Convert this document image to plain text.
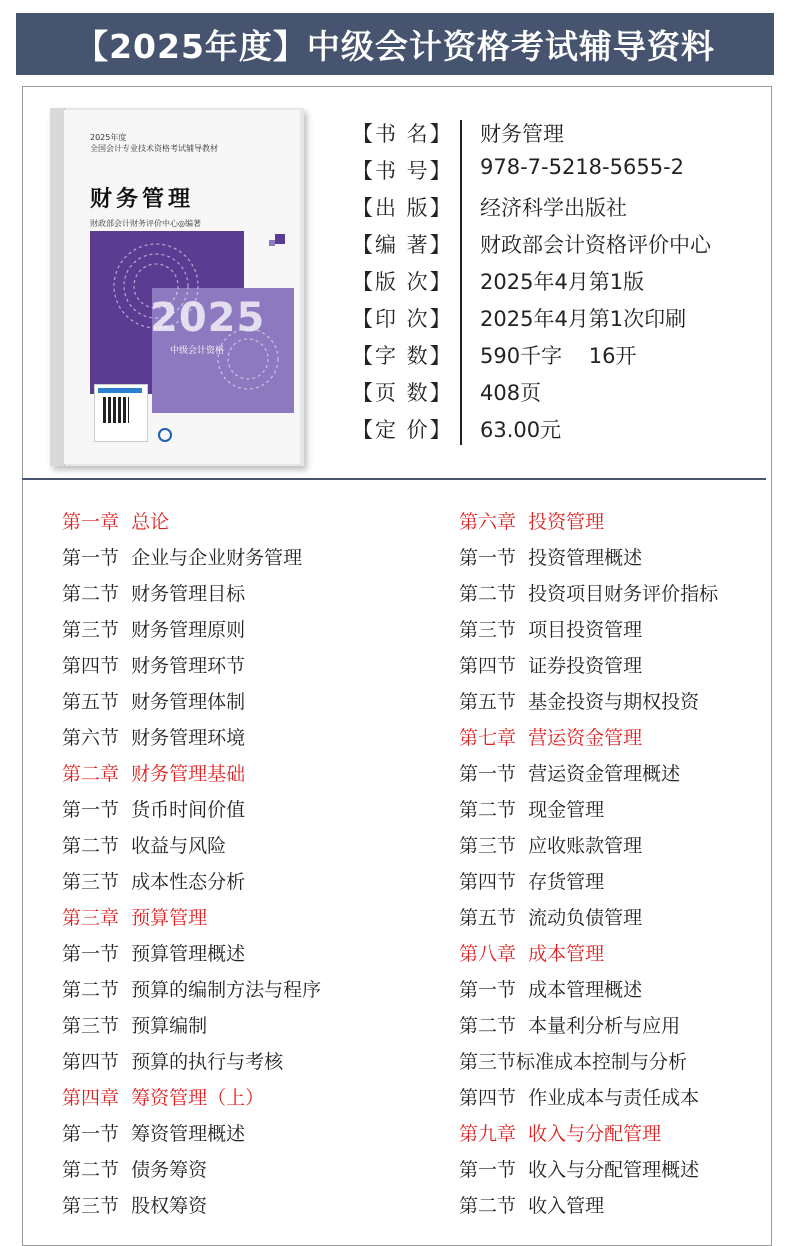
【2025年度】中级会计资格考试辅导资料
2025年度
全国会计专业技术资格考试辅导教材
财务管理
财政部会计财务评价中心◎编著
2025
中级会计资格
【书 名】 财务管理
【书 号】 978-7-5218-5655-2
【出 版】 经济科学出版社
【编 著】 财政部会计资格评价中心
【版 次】 2025年4月第1版
【印 次】 2025年4月第1次印刷
【字 数】 590千字    16开
【页 数】 408页
【定 价】 63.00元
第一章  总论
第一节  企业与企业财务管理
第二节  财务管理目标
第三节  财务管理原则
第四节  财务管理环节
第五节  财务管理体制
第六节  财务管理环境
第二章  财务管理基础
第一节  货币时间价值
第二节  收益与风险
第三节  成本性态分析
第三章  预算管理
第一节  预算管理概述
第二节  预算的编制方法与程序
第三节  预算编制
第四节  预算的执行与考核
第四章  筹资管理（上）
第一节  筹资管理概述
第二节  债务筹资
第三节  股权筹资
第六章  投资管理
第一节  投资管理概述
第二节  投资项目财务评价指标
第三节  项目投资管理
第四节  证券投资管理
第五节  基金投资与期权投资
第七章  营运资金管理
第一节  营运资金管理概述
第二节  现金管理
第三节  应收账款管理
第四节  存货管理
第五节  流动负债管理
第八章  成本管理
第一节  成本管理概述
第二节  本量利分析与应用
第三节标准成本控制与分析
第四节  作业成本与责任成本
第九章  收入与分配管理
第一节  收入与分配管理概述
第二节  收入管理
